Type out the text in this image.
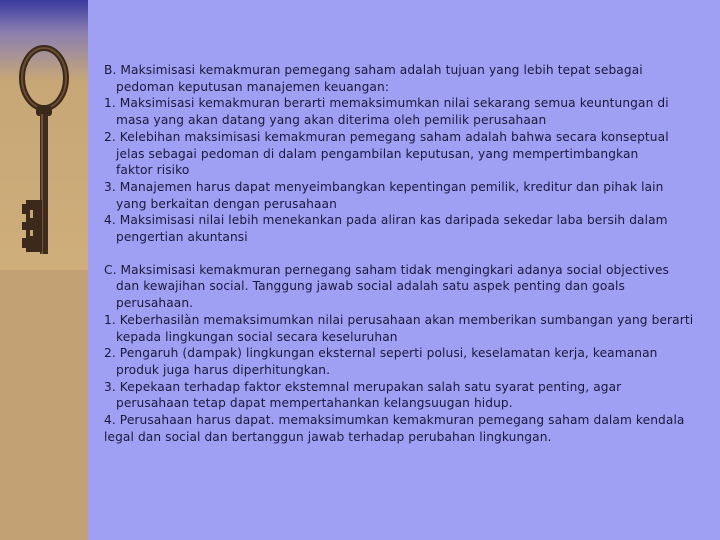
B. Maksimisasi kemakmuran pemegang saham adalah tujuan yang lebih tepat sebagai
pedoman keputusan manajemen keuangan:
1. Maksimisasi kemakmuran berarti memaksimumkan nilai sekarang semua keuntungan di
masa yang akan datang yang akan diterima oleh pemilik perusahaan
2. Kelebihan maksimisasi kemakmuran pemegang saham adalah bahwa secara konseptual
jelas sebagai pedoman di dalam pengambilan keputusan, yang mempertimbangkan
faktor risiko
3. Manajemen harus dapat menyeimbangkan kepentingan pemilik, kreditur dan pihak lain
yang berkaitan dengan perusahaan
4. Maksimisasi nilai lebih menekankan pada aliran kas daripada sekedar laba bersih dalam
pengertian akuntansi
C. Maksimisasi kemakmuran pernegang saham tidak mengingkari adanya social objectives
dan kewajihan social. Tanggung jawab social adalah satu aspek penting dan goals
perusahaan.
1. Keberhasilàn memaksimumkan nilai perusahaan akan memberikan sumbangan yang berarti
kepada lingkungan social secara keseluruhan
2. Pengaruh (dampak) lingkungan eksternal seperti polusi, keselamatan kerja, keamanan
produk juga harus diperhitungkan.
3. Kepekaan terhadap faktor ekstemnal merupakan salah satu syarat penting, agar
perusahaan tetap dapat mempertahankan kelangsuugan hidup.
4. Perusahaan harus dapat. memaksimumkan kemakmuran pemegang saham dalam kendala
legal dan social dan bertanggun jawab terhadap perubahan lingkungan.
